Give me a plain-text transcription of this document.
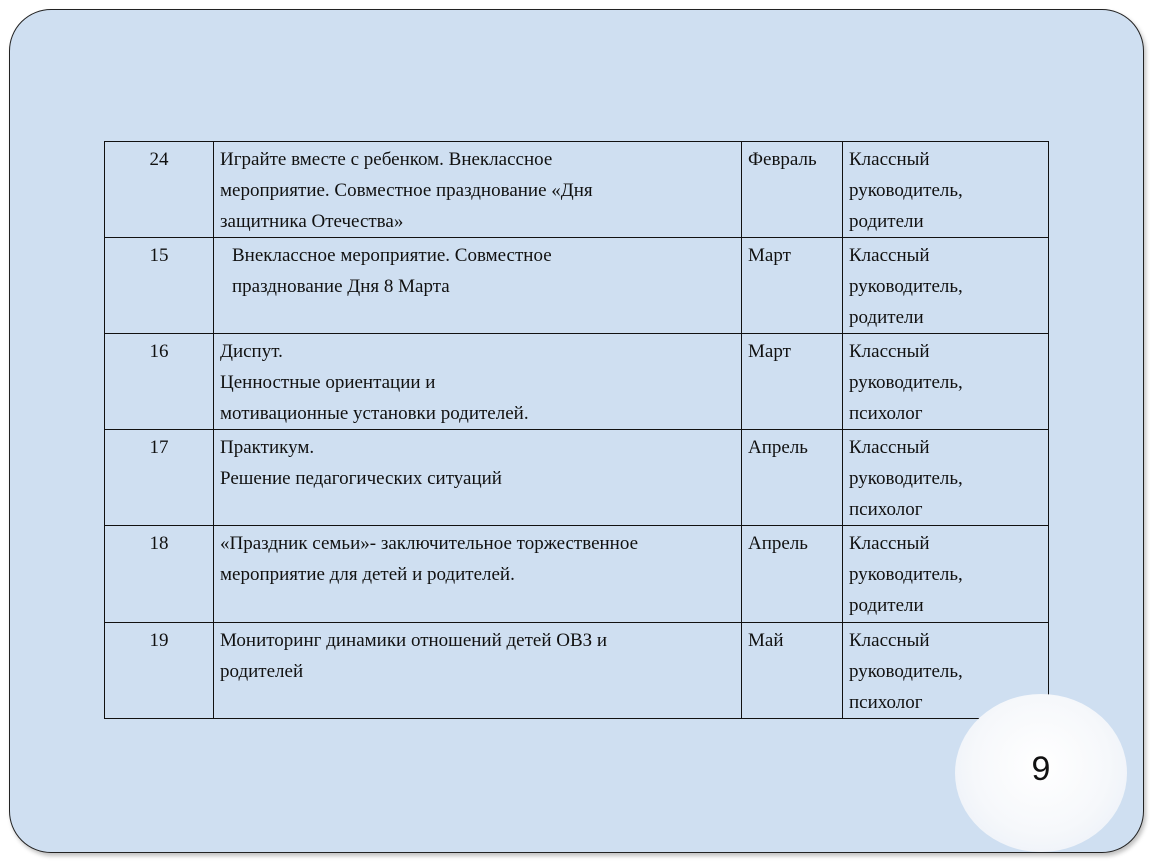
24	Играйте вместе с ребенком. Внеклассное
мероприятие. Совместное празднование «Дня
защитника Отечества»	Февраль	Классный
руководитель,
родители

15	Внеклассное мероприятие. Совместное
празднование Дня 8 Марта	Март	Классный
руководитель,
родители

16	Диспут.
Ценностные ориентации и
мотивационные установки родителей.	Март	Классный
руководитель,
психолог

17	Практикум.
Решение педагогических ситуаций	Апрель	Классный
руководитель,
психолог

18	«Праздник семьи»- заключительное торжественное
мероприятие для детей и родителей.	Апрель	Классный
руководитель,
родители

19	Мониторинг динамики отношений детей ОВЗ и
родителей	Май	Классный
руководитель,
психолог
9
